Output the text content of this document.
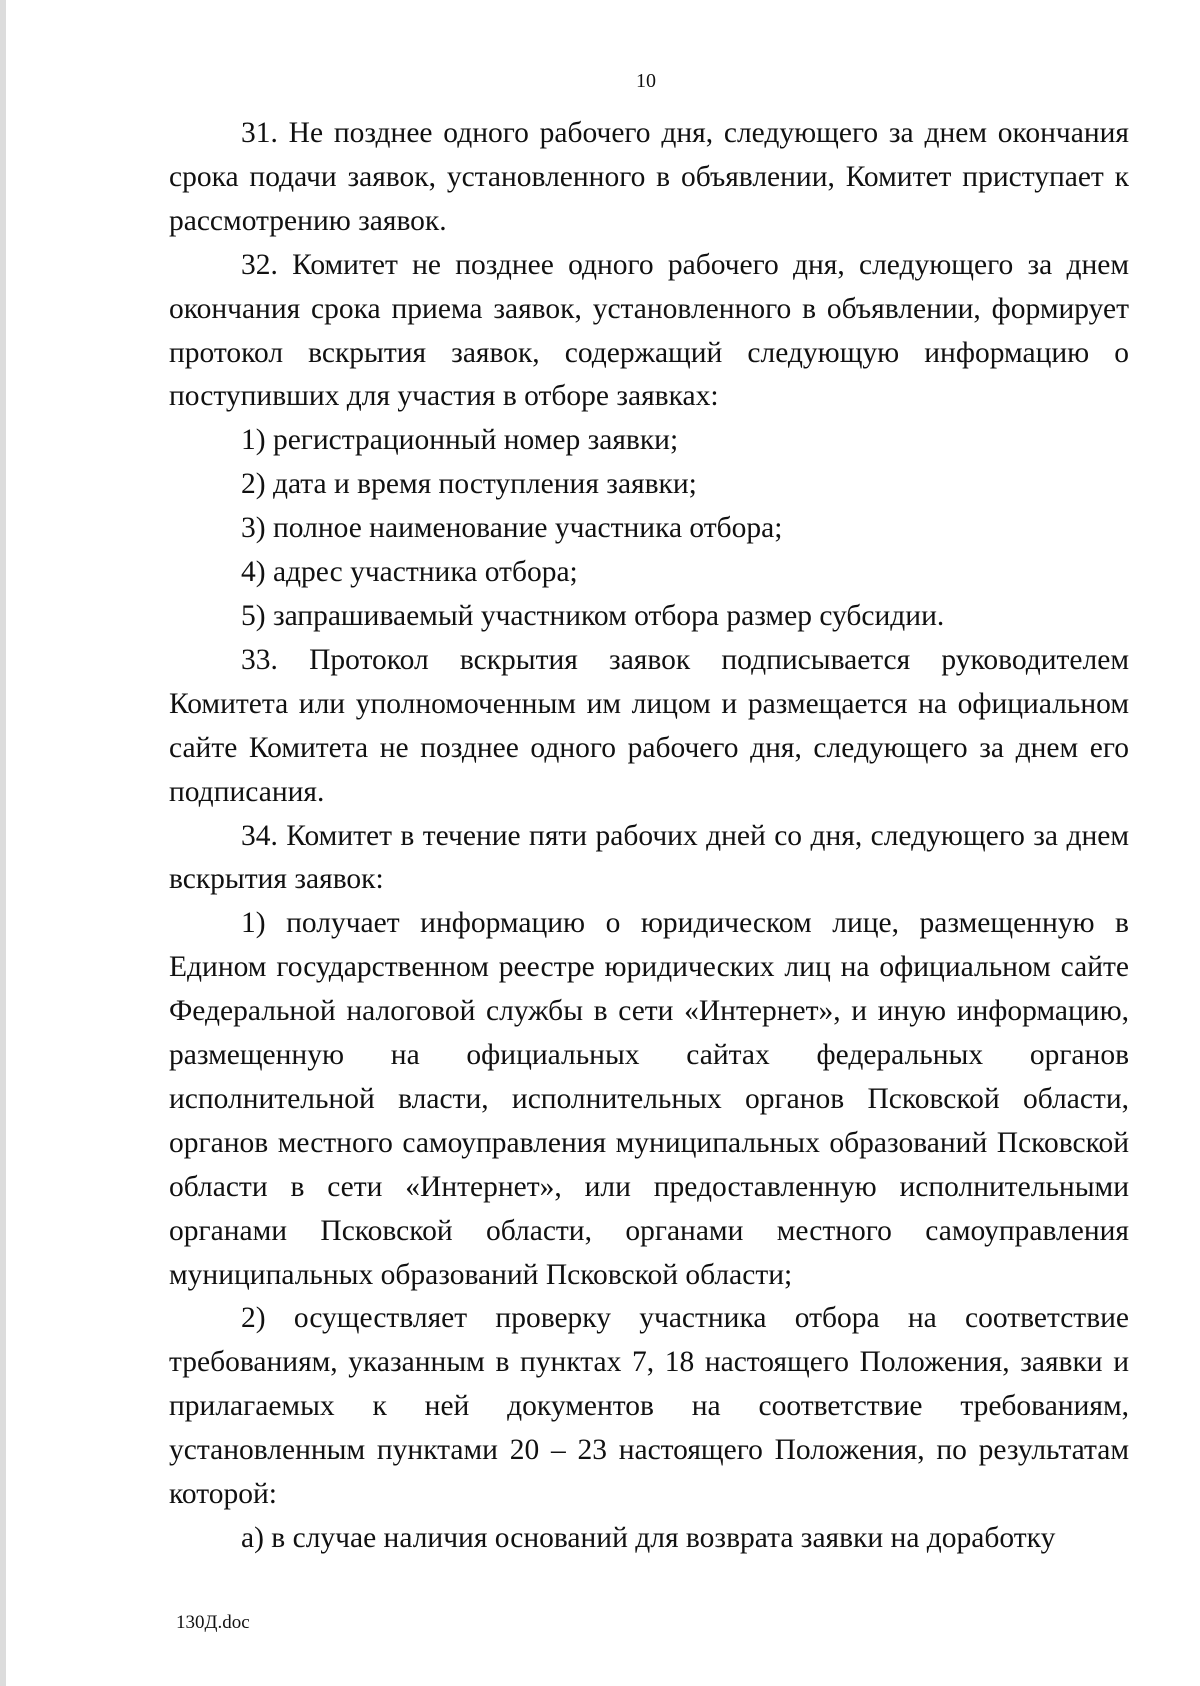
10

31. Не позднее одного рабочего дня, следующего за днем окончания срока подачи заявок, установленного в объявлении, Комитет приступает к рассмотрению заявок.

32. Комитет не позднее одного рабочего дня, следующего за днем окончания срока приема заявок, установленного в объявлении, формирует протокол вскрытия заявок, содержащий следующую информацию о поступивших для участия в отборе заявках:

1) регистрационный номер заявки;

2) дата и время поступления заявки;

3) полное наименование участника отбора;

4) адрес участника отбора;

5) запрашиваемый участником отбора размер субсидии.

33. Протокол вскрытия заявок подписывается руководителем Комитета или уполномоченным им лицом и размещается на официальном сайте Комитета не позднее одного рабочего дня, следующего за днем его подписания.

34. Комитет в течение пяти рабочих дней со дня, следующего за днем вскрытия заявок:

1) получает информацию о юридическом лице, размещенную в Едином государственном реестре юридических лиц на официальном сайте Федеральной налоговой службы в сети «Интернет», и иную информацию, размещенную на официальных сайтах федеральных органов исполнительной власти, исполнительных органов Псковской области, органов местного самоуправления муниципальных образований Псковской области в сети «Интернет», или предоставленную исполнительными органами Псковской области, органами местного самоуправления муниципальных образований Псковской области;

2) осуществляет проверку участника отбора на соответствие требованиям, указанным в пунктах 7, 18 настоящего Положения, заявки и прилагаемых к ней документов на соответствие требованиям, установленным пунктами 20 – 23 настоящего Положения, по результатам которой:

а) в случае наличия оснований для возврата заявки на доработку

130Д.doc
